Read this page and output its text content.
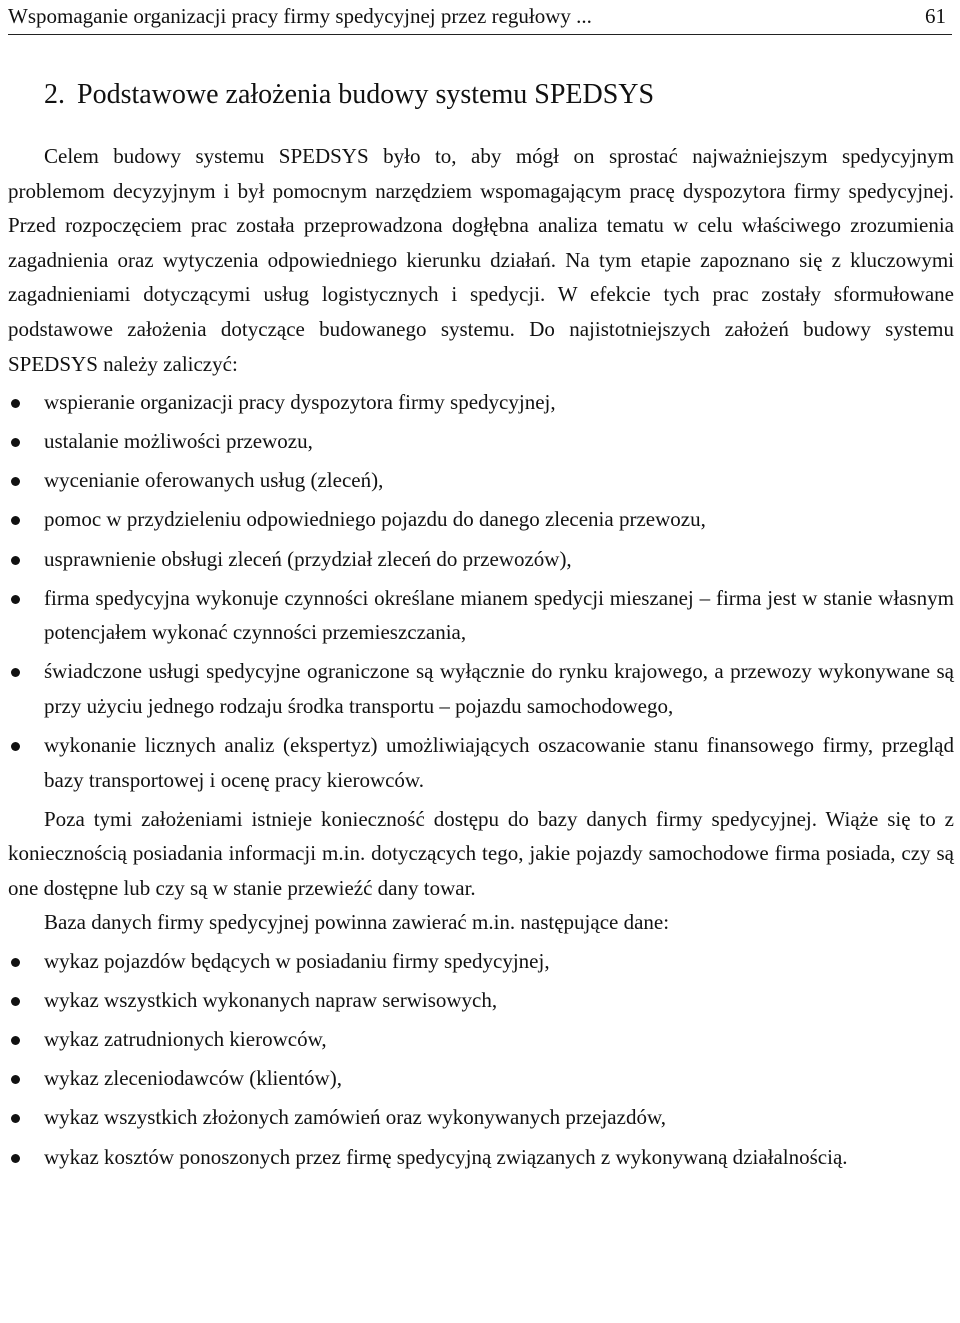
Wspomaganie organizacji pracy firmy spedycyjnej przez regułowy ...	61
2. Podstawowe założenia budowy systemu SPEDSYS

Celem budowy systemu SPEDSYS było to, aby mógł on sprostać najważniejszym spedycyjnym problemom decyzyjnym i był pomocnym narzędziem wspomagającym pracę dyspozytora firmy spedycyjnej. Przed rozpoczęciem prac została przeprowadzona dogłębna analiza tematu w celu właściwego zrozumienia zagadnienia oraz wytyczenia odpowiedniego kierunku działań. Na tym etapie zapoznano się z kluczowymi zagadnieniami dotyczącymi usług logistycznych i spedycji. W efekcie tych prac zostały sformułowane podstawowe założenia dotyczące budowanego systemu. Do najistotniejszych założeń budowy systemu SPEDSYS należy zaliczyć:

wspieranie organizacji pracy dyspozytora firmy spedycyjnej,
ustalanie możliwości przewozu,
wycenianie oferowanych usług (zleceń),
pomoc w przydzieleniu odpowiedniego pojazdu do danego zlecenia przewozu,
usprawnienie obsługi zleceń (przydział zleceń do przewozów),
firma spedycyjna wykonuje czynności określane mianem spedycji mieszanej – firma jest w stanie własnym potencjałem wykonać czynności przemieszczania,
świadczone usługi spedycyjne ograniczone są wyłącznie do rynku krajowego, a przewozy wykonywane są przy użyciu jednego rodzaju środka transportu – pojazdu samochodowego,
wykonanie licznych analiz (ekspertyz) umożliwiających oszacowanie stanu finansowego firmy, przegląd bazy transportowej i ocenę pracy kierowców.

Poza tymi założeniami istnieje konieczność dostępu do bazy danych firmy spedycyjnej. Wiąże się to z koniecznością posiadania informacji m.in. dotyczących tego, jakie pojazdy samochodowe firma posiada, czy są one dostępne lub czy są w stanie przewieźć dany towar.

Baza danych firmy spedycyjnej powinna zawierać m.in. następujące dane:

wykaz pojazdów będących w posiadaniu firmy spedycyjnej,
wykaz wszystkich wykonanych napraw serwisowych,
wykaz zatrudnionych kierowców,
wykaz zleceniodawców (klientów),
wykaz wszystkich złożonych zamówień oraz wykonywanych przejazdów,
wykaz kosztów ponoszonych przez firmę spedycyjną związanych z wykonywaną działalnością.
